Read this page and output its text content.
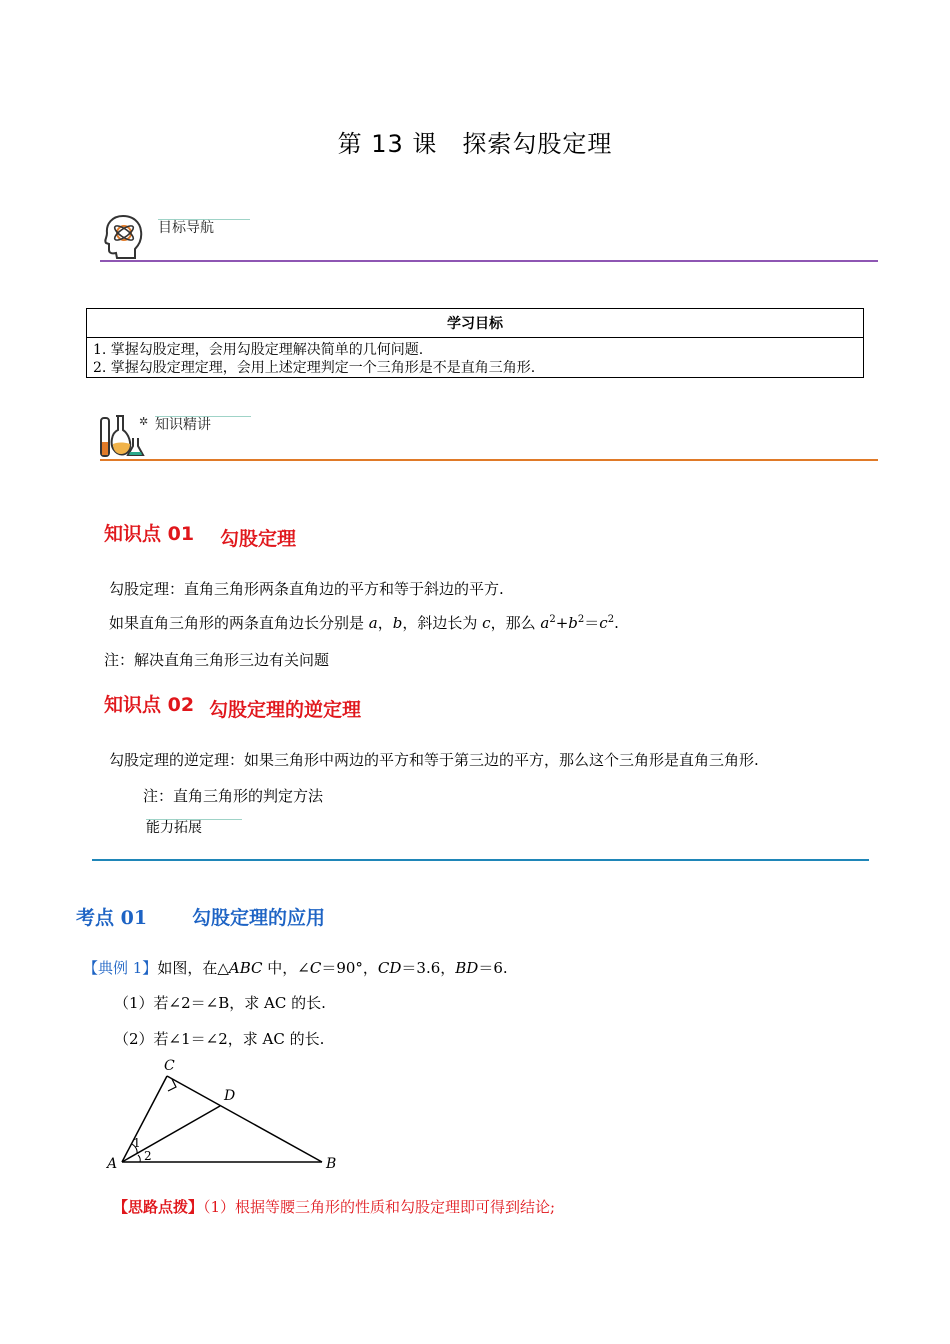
第 13 课　探索勾股定理
目标导航
学习目标

1. 掌握勾股定理，会用勾股定理解决简单的几何问题.
2. 掌握勾股定理定理，会用上述定理判定一个三角形是不是直角三角形.
✲ 知识精讲
知识点 01 勾股定理
勾股定理：直角三角形两条直角边的平方和等于斜边的平方.
如果直角三角形的两条直角边长分别是 a，b，斜边长为 c，那么 $a^2+b^2=c^2$.
注：解决直角三角形三边有关问题
知识点 02 勾股定理的逆定理
勾股定理的逆定理：如果三角形中两边的平方和等于第三边的平方，那么这个三角形是直角三角形.
注：直角三角形的判定方法
能力拓展
考点 01 勾股定理的应用
【典例 1】如图，在△ABC 中，∠C＝90°，CD＝3.6，BD＝6.
（1）若∠2＝∠B，求 AC 的长.
（2）若∠1＝∠2，求 AC 的长.
C
D
A	B
1
2
【思路点拨】（1）根据等腰三角形的性质和勾股定理即可得到结论;
